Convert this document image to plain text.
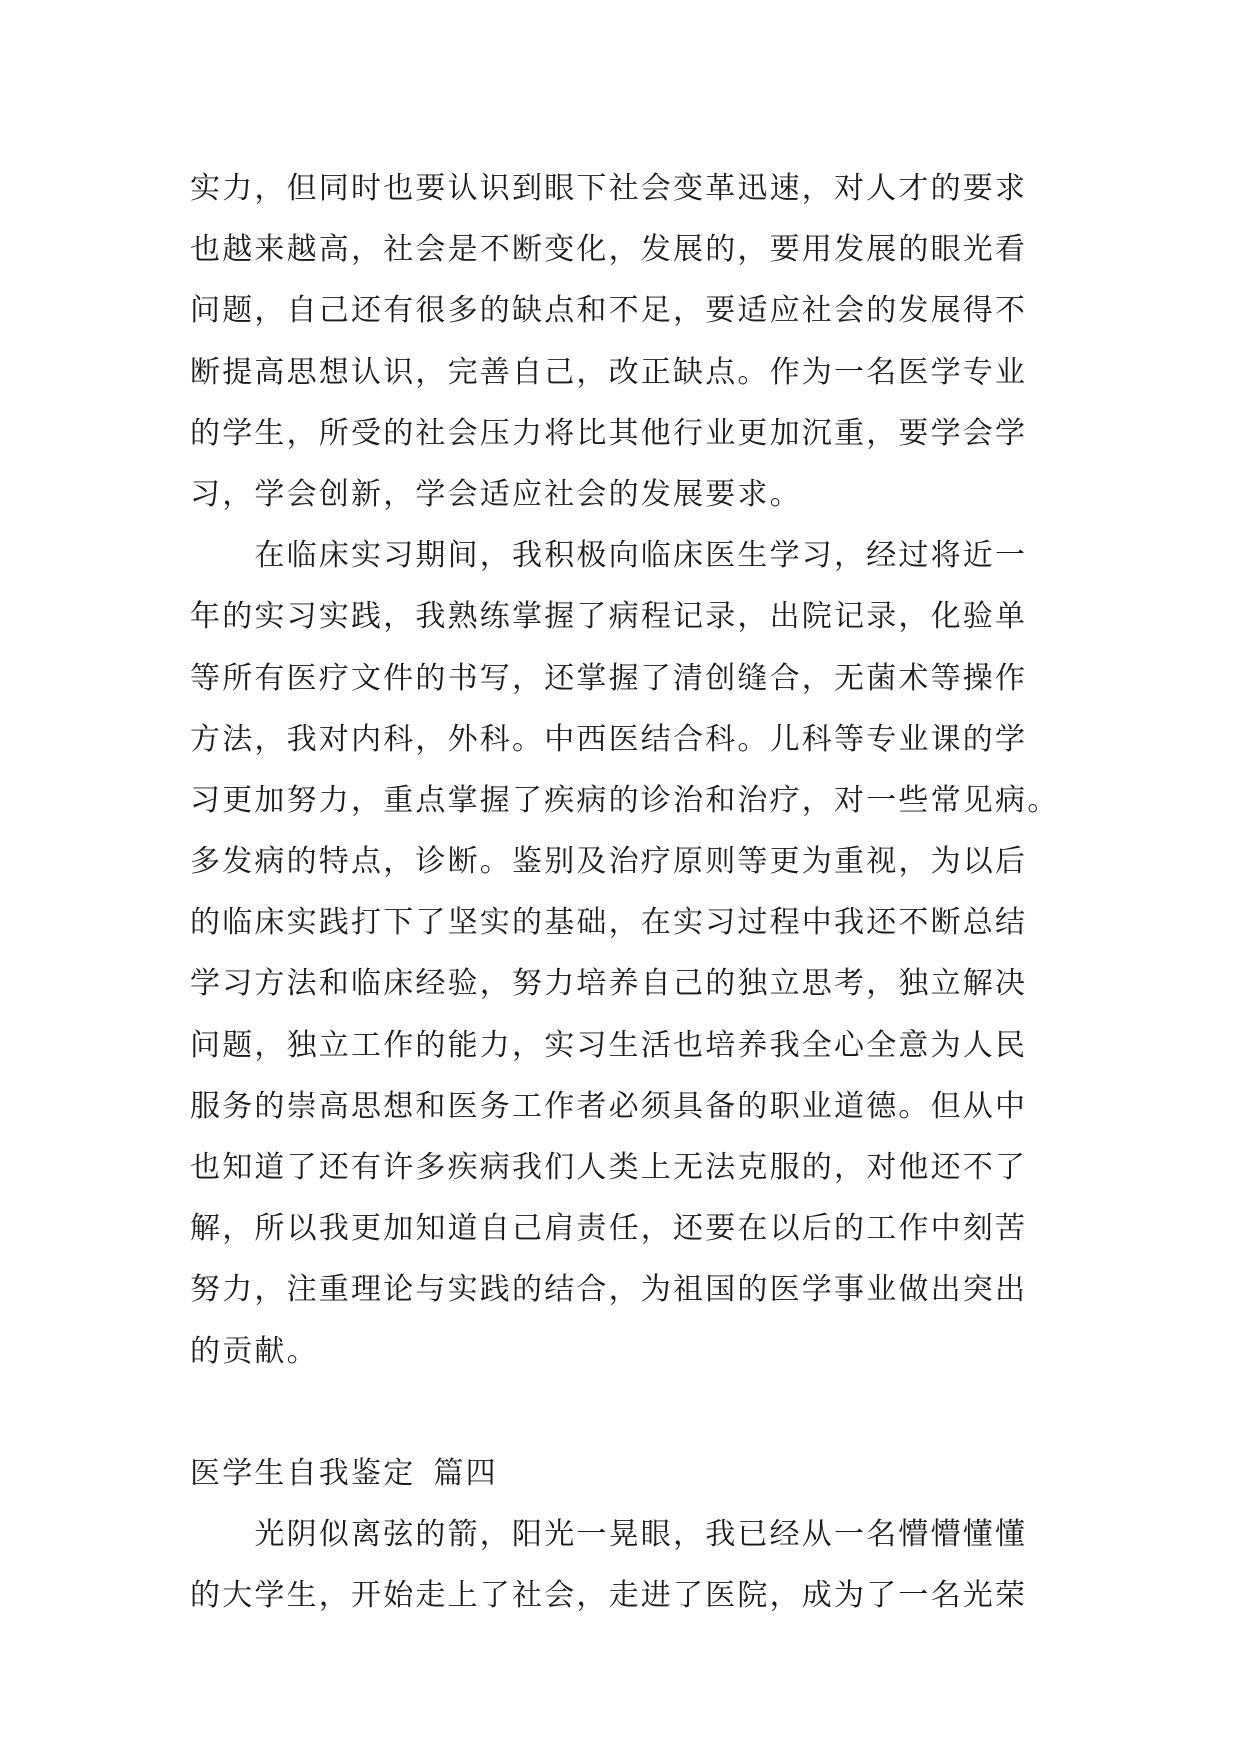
实力，但同时也要认识到眼下社会变革迅速，对人才的要求
也越来越高，社会是不断变化，发展的，要用发展的眼光看
问题，自己还有很多的缺点和不足，要适应社会的发展得不
断提高思想认识，完善自己，改正缺点。作为一名医学专业
的学生，所受的社会压力将比其他行业更加沉重，要学会学
习，学会创新，学会适应社会的发展要求。
　　在临床实习期间，我积极向临床医生学习，经过将近一
年的实习实践，我熟练掌握了病程记录，出院记录，化验单
等所有医疗文件的书写，还掌握了清创缝合，无菌术等操作
方法，我对内科，外科。中西医结合科。儿科等专业课的学
习更加努力，重点掌握了疾病的诊治和治疗，对一些常见病。
多发病的特点，诊断。鉴别及治疗原则等更为重视，为以后
的临床实践打下了坚实的基础，在实习过程中我还不断总结
学习方法和临床经验，努力培养自己的独立思考，独立解决
问题，独立工作的能力，实习生活也培养我全心全意为人民
服务的崇高思想和医务工作者必须具备的职业道德。但从中
也知道了还有许多疾病我们人类上无法克服的，对他还不了
解，所以我更加知道自己肩责任，还要在以后的工作中刻苦
努力，注重理论与实践的结合，为祖国的医学事业做出突出
的贡献。
医学生自我鉴定 篇四
　　光阴似离弦的箭，阳光一晃眼，我已经从一名懵懵懂懂
的大学生，开始走上了社会，走进了医院，成为了一名光荣
